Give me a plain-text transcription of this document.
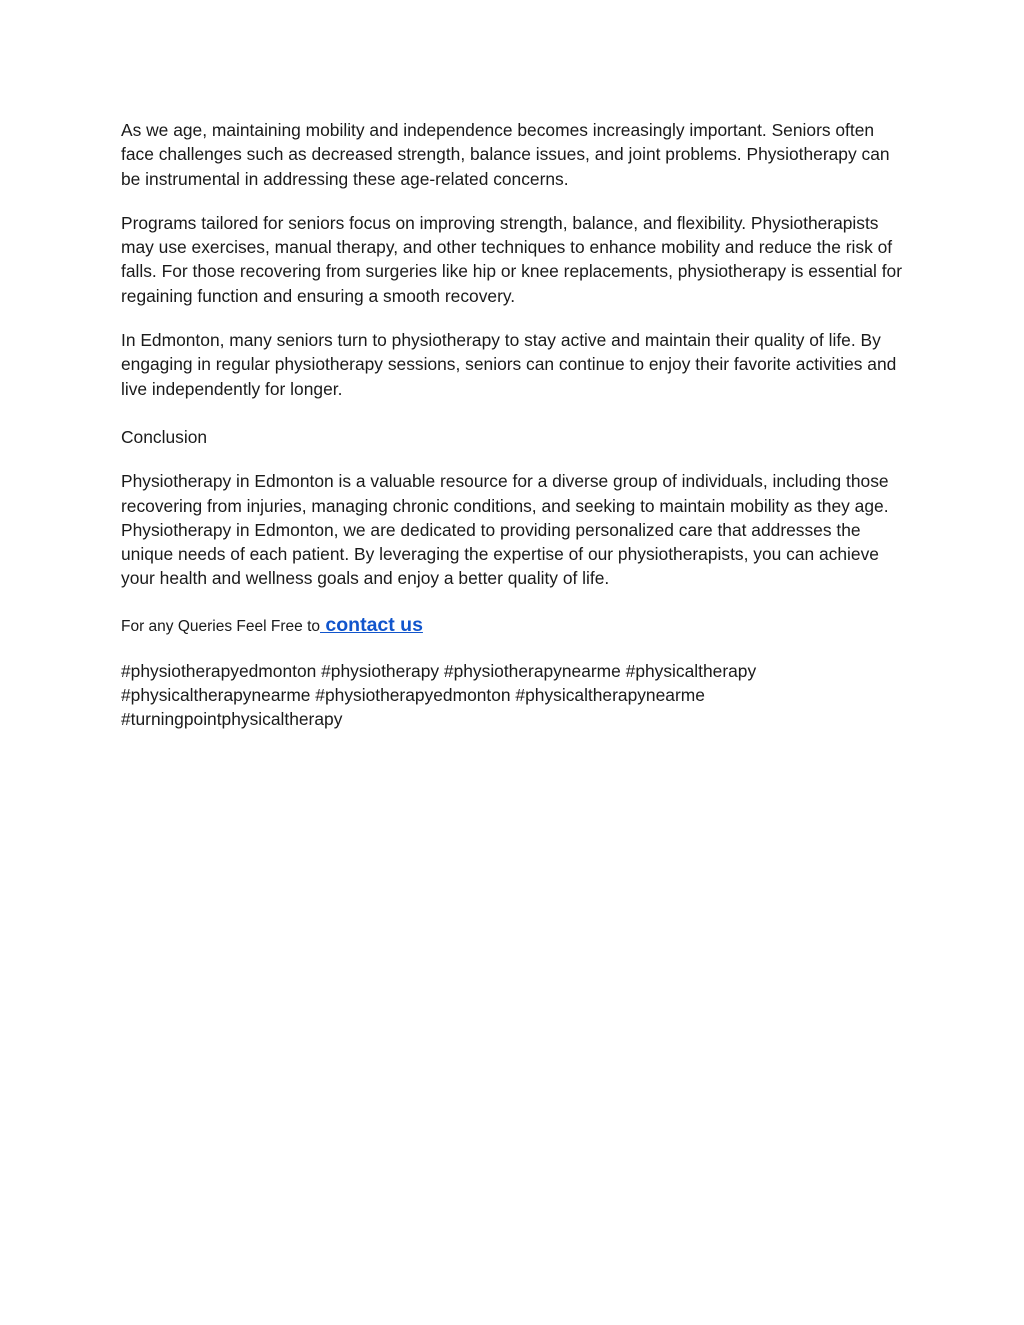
As we age, maintaining mobility and independence becomes increasingly important. Seniors often face challenges such as decreased strength, balance issues, and joint problems. Physiotherapy can be instrumental in addressing these age-related concerns.

Programs tailored for seniors focus on improving strength, balance, and flexibility. Physiotherapists may use exercises, manual therapy, and other techniques to enhance mobility and reduce the risk of falls. For those recovering from surgeries like hip or knee replacements, physiotherapy is essential for regaining function and ensuring a smooth recovery.

In Edmonton, many seniors turn to physiotherapy to stay active and maintain their quality of life. By engaging in regular physiotherapy sessions, seniors can continue to enjoy their favorite activities and live independently for longer.

Conclusion

Physiotherapy in Edmonton is a valuable resource for a diverse group of individuals, including those recovering from injuries, managing chronic conditions, and seeking to maintain mobility as they age. Physiotherapy in Edmonton, we are dedicated to providing personalized care that addresses the unique needs of each patient. By leveraging the expertise of our physiotherapists, you can achieve your health and wellness goals and enjoy a better quality of life.

For any Queries Feel Free to contact us

#physiotherapyedmonton #physiotherapy #physiotherapynearme #physicaltherapy #physicaltherapynearme #physiotherapyedmonton #physicaltherapynearme #turningpointphysicaltherapy
